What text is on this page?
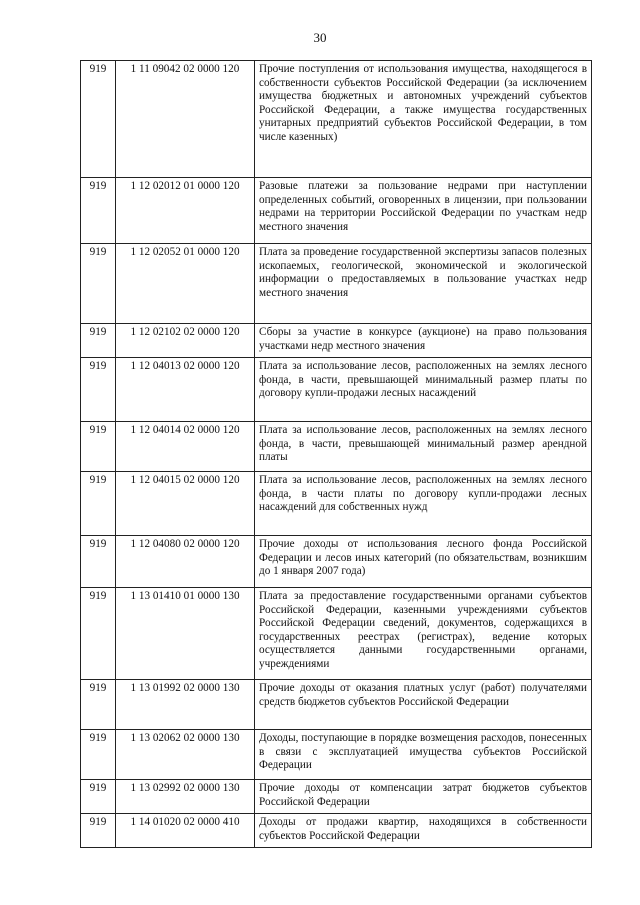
30
919	1 11 09042 02 0000 120	Прочие поступления от использования имущества, находящегося в собственности субъектов Российской Федерации (за исключением имущества бюджетных и автономных учреждений субъектов Российской Федерации, а также имущества государственных унитарных предприятий субъектов Российской Федерации, в том числе казенных)
919	1 12 02012 01 0000 120	Разовые платежи за пользование недрами при наступлении определенных событий, оговоренных в лицензии, при пользовании недрами на территории Российской Федерации по участкам недр местного значения
919	1 12 02052 01 0000 120	Плата за проведение государственной экспертизы запасов полезных ископаемых, геологической, экономической и экологической информации о предоставляемых в пользование участках недр местного значения
919	1 12 02102 02 0000 120	Сборы за участие в конкурсе (аукционе) на право пользования участками недр местного значения
919	1 12 04013 02 0000 120	Плата за использование лесов, расположенных на землях лесного фонда, в части, превышающей минимальный размер платы по договору купли-продажи лесных насаждений
919	1 12 04014 02 0000 120	Плата за использование лесов, расположенных на землях лесного фонда, в части, превышающей минимальный размер арендной платы
919	1 12 04015 02 0000 120	Плата за использование лесов, расположенных на землях лесного фонда, в части платы по договору купли-продажи лесных насаждений для собственных нужд
919	1 12 04080 02 0000 120	Прочие доходы от использования лесного фонда Российской Федерации и лесов иных категорий (по обязательствам, возникшим до 1 января 2007 года)
919	1 13 01410 01 0000 130	Плата за предоставление государственными органами субъектов Российской Федерации, казенными учреждениями субъектов Российской Федерации сведений, документов, содержащихся в государственных реестрах (регистрах), ведение которых осуществляется данными государственными органами, учреждениями
919	1 13 01992 02 0000 130	Прочие доходы от оказания платных услуг (работ) получателями средств бюджетов субъектов Российской Федерации
919	1 13 02062 02 0000 130	Доходы, поступающие в порядке возмещения расходов, понесенных в связи с эксплуатацией имущества субъектов Российской Федерации
919	1 13 02992 02 0000 130	Прочие доходы от компенсации затрат бюджетов субъектов Российской Федерации
919	1 14 01020 02 0000 410	Доходы от продажи квартир, находящихся в собственности субъектов Российской Федерации
